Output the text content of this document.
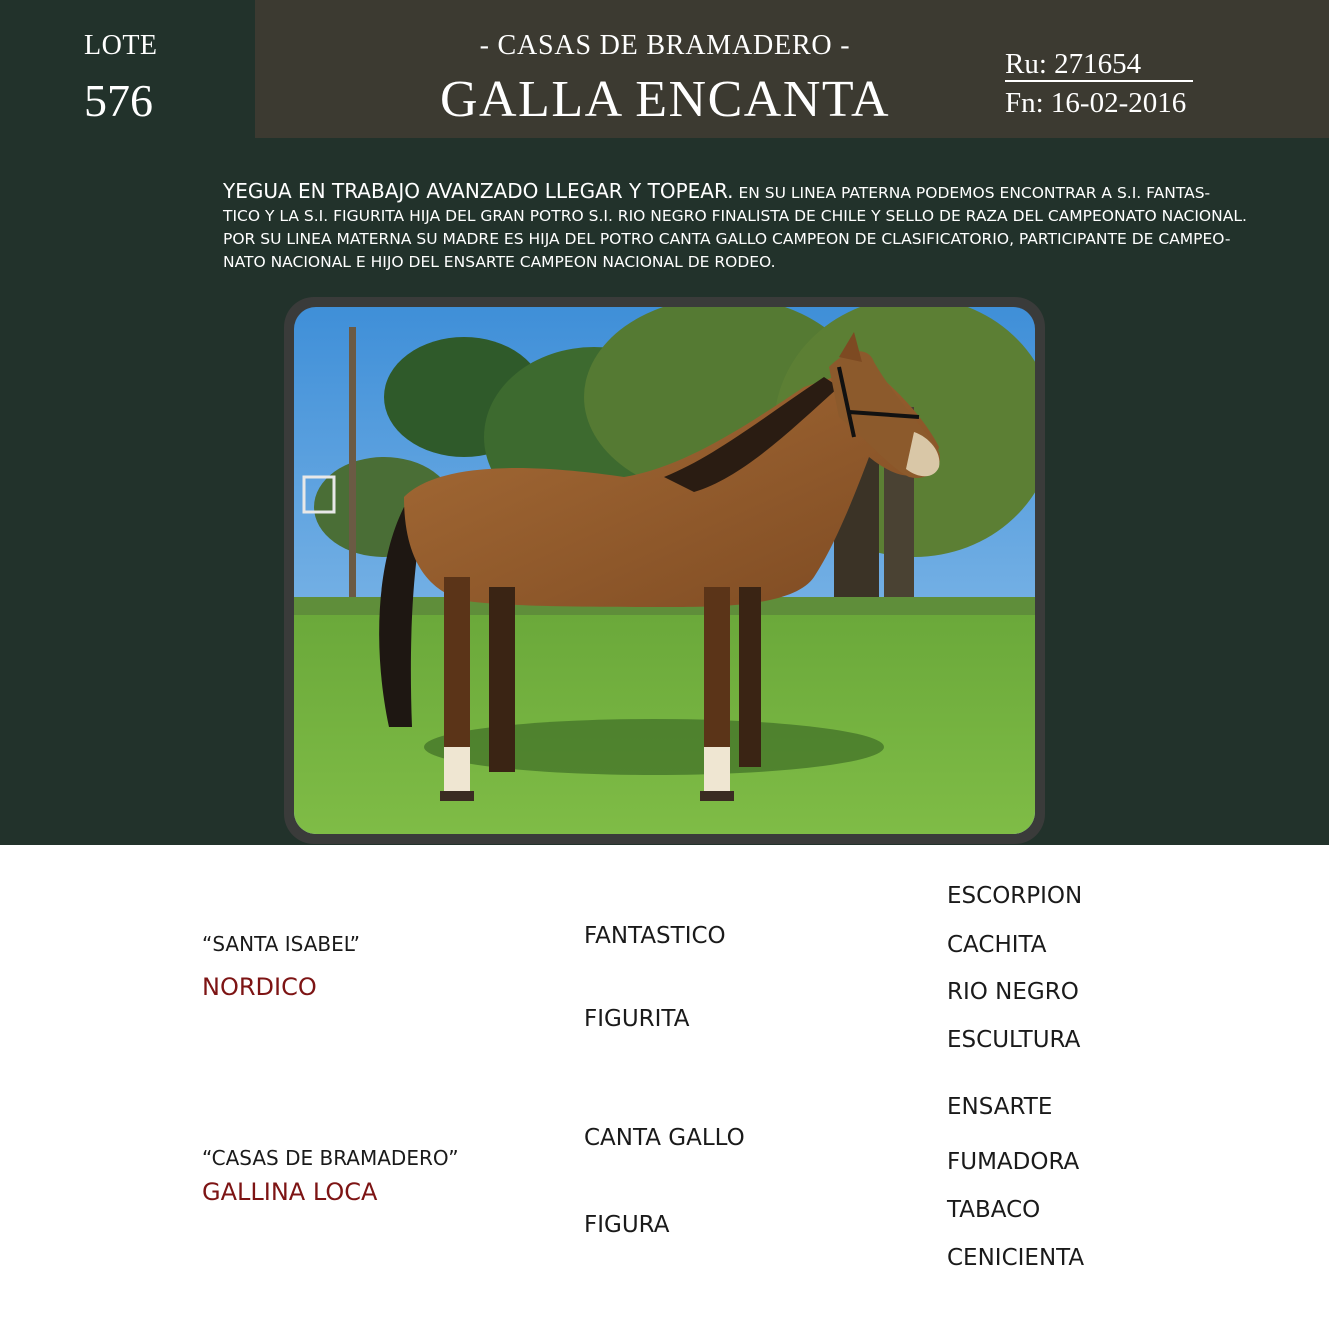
LOTE
576
- CASAS DE BRAMADERO -
GALLA ENCANTA
Ru: 271654
Fn: 16-02-2016
YEGUA EN TRABAJO AVANZADO LLEGAR Y TOPEAR. EN SU LINEA PATERNA PODEMOS ENCONTRAR A S.I. FANTAS-
TICO Y LA S.I. FIGURITA HIJA DEL GRAN POTRO S.I. RIO NEGRO FINALISTA DE CHILE Y SELLO DE RAZA DEL CAMPEONATO NACIONAL.
POR SU LINEA MATERNA SU MADRE ES HIJA DEL POTRO CANTA GALLO CAMPEON DE CLASIFICATORIO, PARTICIPANTE DE CAMPEO-
NATO NACIONAL E HIJO DEL ENSARTE CAMPEON NACIONAL DE RODEO.
“SANTA ISABEL”
NORDICO
“CASAS DE BRAMADERO”
GALLINA LOCA
FANTASTICO
FIGURITA
CANTA GALLO
FIGURA
ESCORPION
CACHITA
RIO NEGRO
ESCULTURA
ENSARTE
FUMADORA
TABACO
CENICIENTA
